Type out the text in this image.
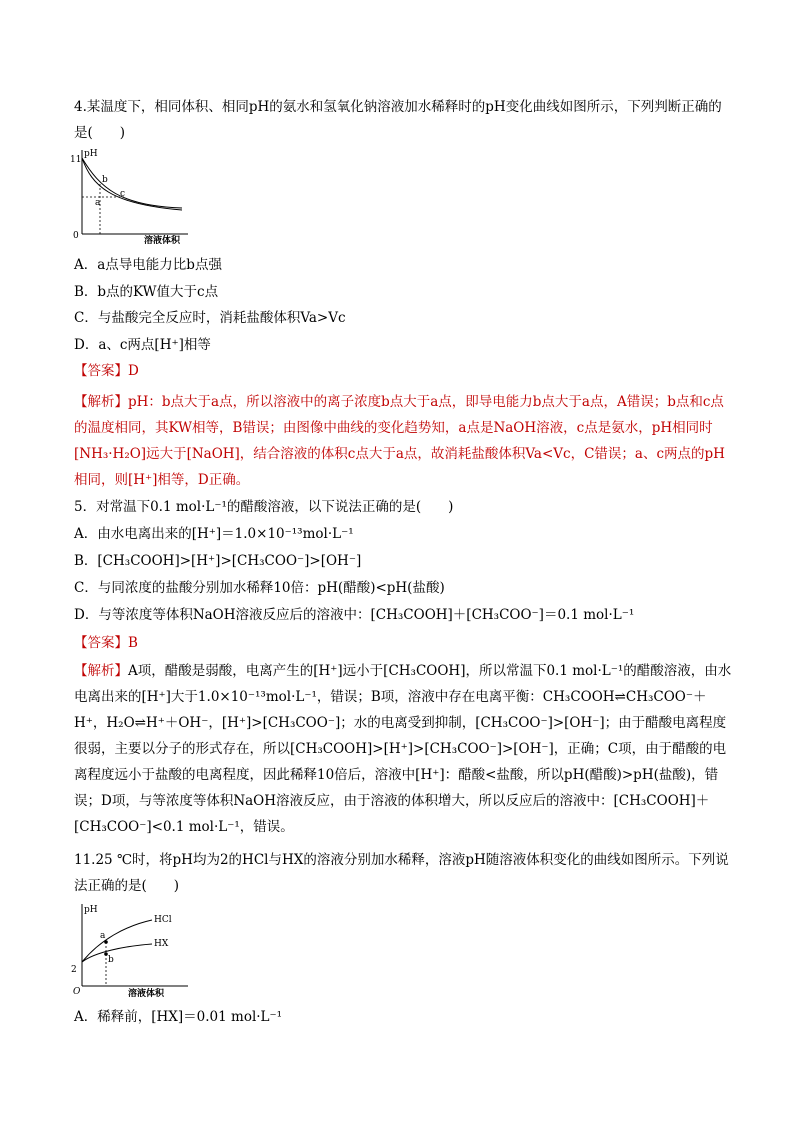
4.某温度下，相同体积、相同pH的氨水和氢氧化钠溶液加水稀释时的pH变化曲线如图所示，下列判断正确的是(　　)
pH
11
0	溶液体积
b
a
c
A．a点导电能力比b点强
B．b点的KW值大于c点
C．与盐酸完全反应时，消耗盐酸体积Va>Vc
D．a、c两点[H⁺]相等
【答案】D
【解析】pH：b点大于a点，所以溶液中的离子浓度b点大于a点，即导电能力b点大于a点，A错误；b点和c点的温度相同，其KW相等，B错误；由图像中曲线的变化趋势知，a点是NaOH溶液，c点是氨水，pH相同时[NH₃·H₂O]远大于[NaOH]，结合溶液的体积c点大于a点，故消耗盐酸体积Va<Vc，C错误；a、c两点的pH相同，则[H⁺]相等，D正确。
5．对常温下0.1 mol·L⁻¹的醋酸溶液，以下说法正确的是(　　)
A．由水电离出来的[H⁺]＝1.0×10⁻¹³mol·L⁻¹
B．[CH₃COOH]>[H⁺]>[CH₃COO⁻]>[OH⁻]
C．与同浓度的盐酸分别加水稀释10倍：pH(醋酸)<pH(盐酸)
D．与等浓度等体积NaOH溶液反应后的溶液中：[CH₃COOH]＋[CH₃COO⁻]＝0.1 mol·L⁻¹
【答案】B
【解析】A项，醋酸是弱酸，电离产生的[H⁺]远小于[CH₃COOH]，所以常温下0.1 mol·L⁻¹的醋酸溶液，由水电离出来的[H⁺]大于1.0×10⁻¹³mol·L⁻¹，错误；B项，溶液中存在电离平衡：CH₃COOH⇌CH₃COO⁻＋H⁺，H₂O⇌H⁺＋OH⁻，[H⁺]>[CH₃COO⁻]；水的电离受到抑制，[CH₃COO⁻]>[OH⁻]；由于醋酸电离程度很弱，主要以分子的形式存在，所以[CH₃COOH]>[H⁺]>[CH₃COO⁻]>[OH⁻]，正确；C项，由于醋酸的电离程度远小于盐酸的电离程度，因此稀释10倍后，溶液中[H⁺]：醋酸<盐酸，所以pH(醋酸)>pH(盐酸)，错误；D项，与等浓度等体积NaOH溶液反应，由于溶液的体积增大，所以反应后的溶液中：[CH₃COOH]＋[CH₃COO⁻]<0.1 mol·L⁻¹，错误。
11.25 ℃时，将pH均为2的HCl与HX的溶液分别加水稀释，溶液pH随溶液体积变化的曲线如图所示。下列说法正确的是(　　)
pH
2
O	溶液体积
HCl
HX
a
b
A．稀释前，[HX]＝0.01 mol·L⁻¹
